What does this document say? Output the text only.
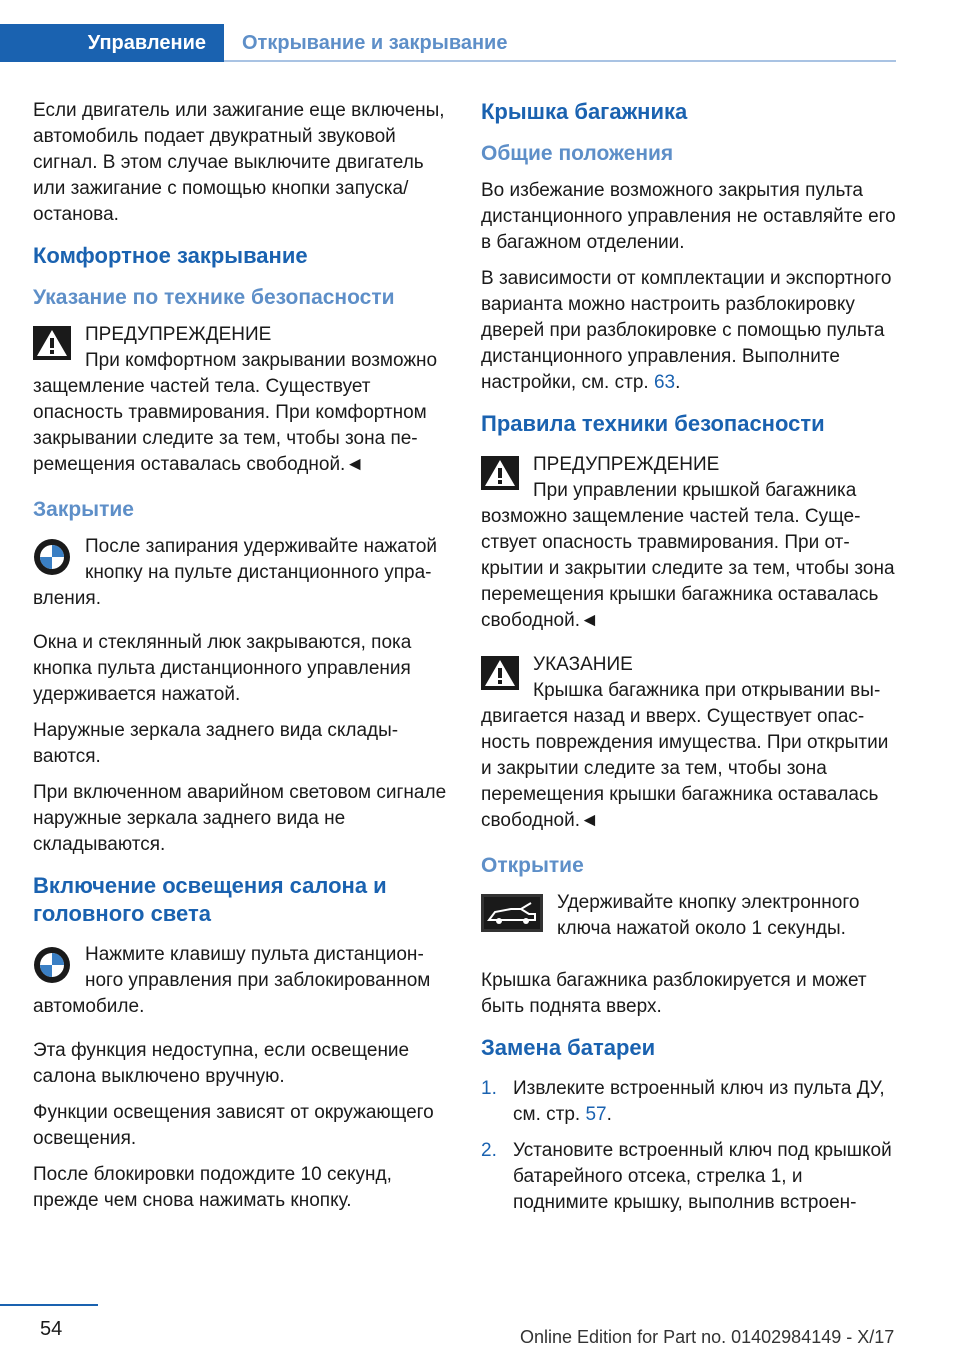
Управление	Открывание и закрывание

Если двигатель или зажигание еще включены, автомобиль подает двукратный звуковой сигнал. В этом случае выключите двигатель или зажигание с помощью кнопки запуска/останова.

Комфортное закрывание
Указание по технике безопасности
ПРЕДУПРЕЖДЕНИЕ
При комфортном закрывании возможно защемление частей тела. Существует опасность травмирования. При комфортном закрывании следите за тем, чтобы зона перемещения оставалась свободной.◄
Закрытие
После запирания удерживайте нажатой кнопку на пульте дистанционного управления.

Окна и стеклянный люк закрываются, пока кнопка пульта дистанционного управления удерживается нажатой.

Наружные зеркала заднего вида складываются.

При включенном аварийном световом сигнале наружные зеркала заднего вида не складываются.

Включение освещения салона и головного света
Нажмите клавишу пульта дистанционного управления при заблокированном автомобиле.

Эта функция недоступна, если освещение салона выключено вручную.

Функции освещения зависят от окружающего освещения.

После блокировки подождите 10 секунд, прежде чем снова нажимать кнопку.

Крышка багажника
Общие положения

Во избежание возможного закрытия пульта дистанционного управления не оставляйте его в багажном отделении.

В зависимости от комплектации и экспортного варианта можно настроить разблокировку дверей при разблокировке с помощью пульта дистанционного управления. Выполните настройки, см. стр. 63.

Правила техники безопасности
ПРЕДУПРЕЖДЕНИЕ
При управлении крышкой багажника возможно защемление частей тела. Существует опасность травмирования. При открытии и закрытии следите за тем, чтобы зона перемещения крышки багажника оставалась свободной.◄
УКАЗАНИЕ
Крышка багажника при открывании выдвигается назад и вверх. Существует опасность повреждения имущества. При открытии и закрытии следите за тем, чтобы зона перемещения крышки багажника оставалась свободной.◄
Открытие
Удерживайте кнопку электронного ключа нажатой около 1 секунды.

Крышка багажника разблокируется и может быть поднята вверх.

Замена батареи
1. Извлеките встроенный ключ из пульта ДУ, см. стр. 57.
2. Установите встроенный ключ под крышкой батарейного отсека, стрелка 1, и поднимите крышку, выполнив встроен-
54	Online Edition for Part no. 01402984149 - X/17
